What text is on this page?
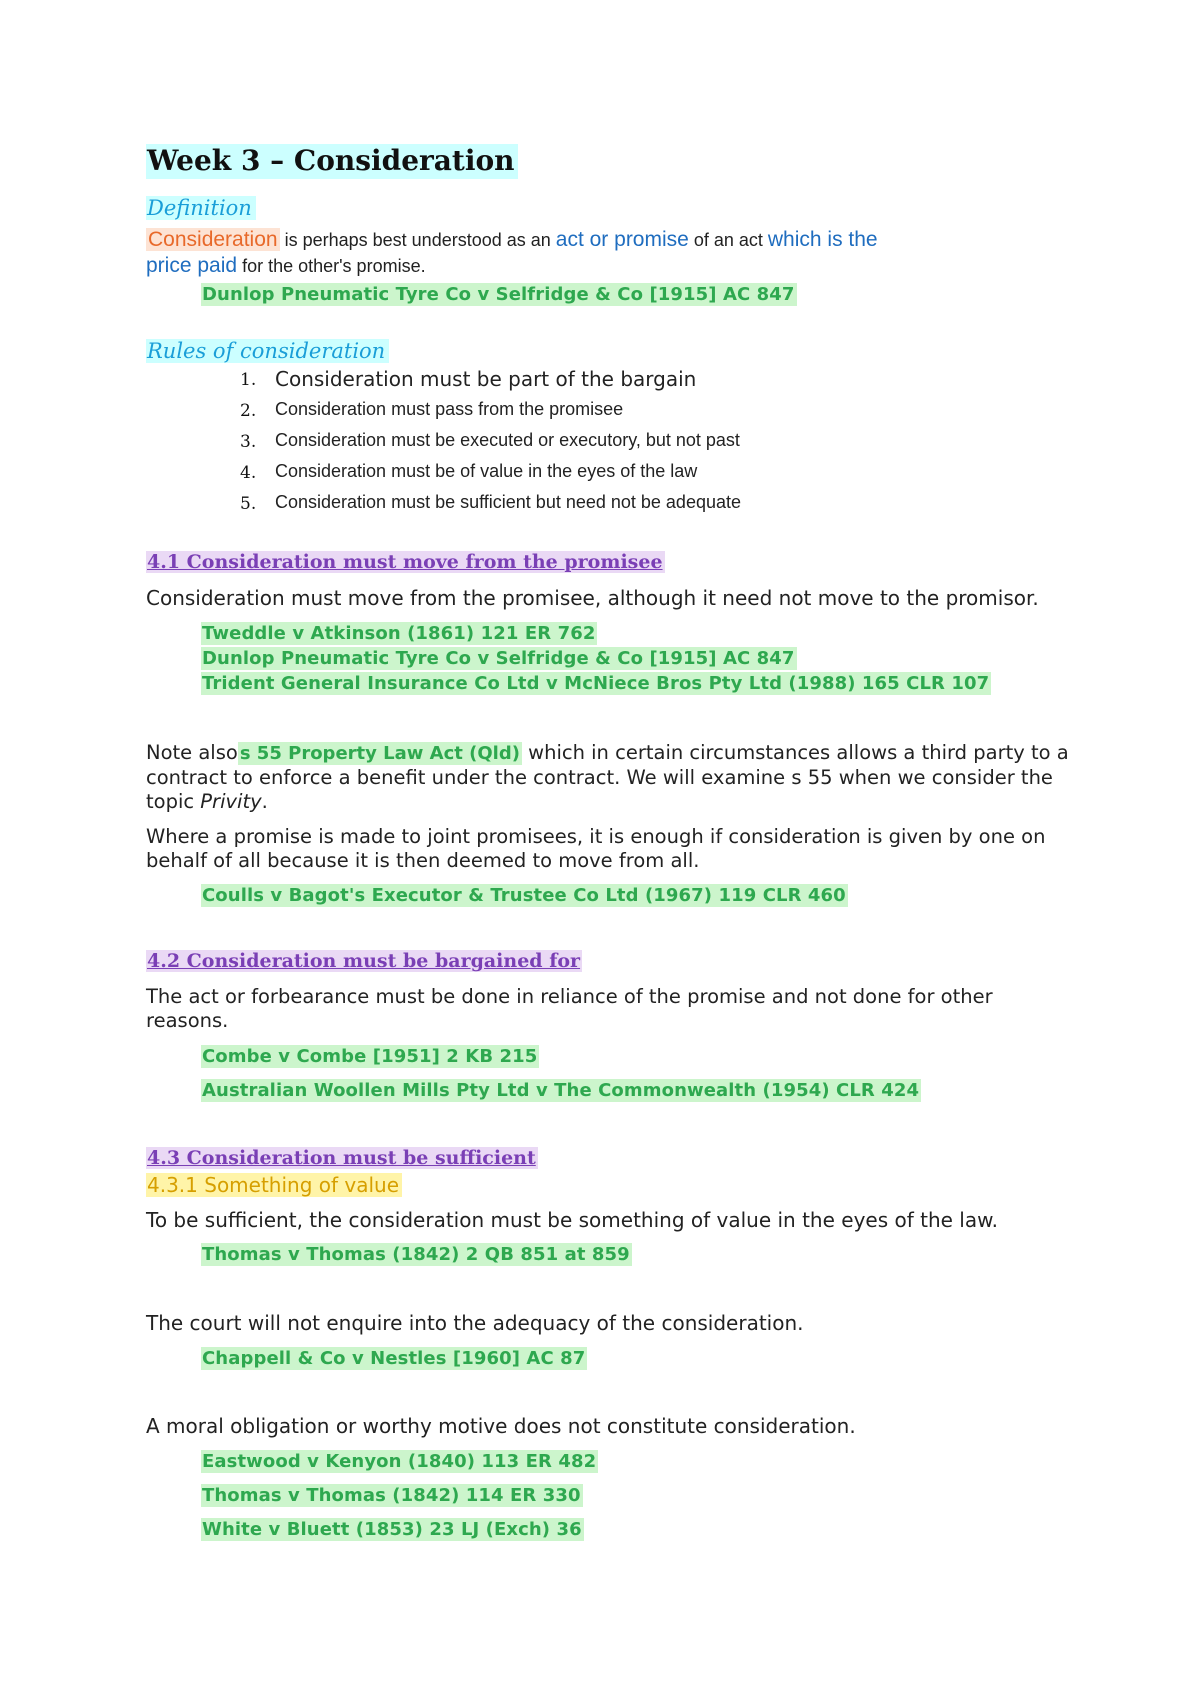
Week 3 – Consideration
Definition
Consideration is perhaps best understood as an act or promise of an act which is the
price paid for the other's promise.
Dunlop Pneumatic Tyre Co v Selfridge & Co [1915] AC 847
Rules of consideration
1. Consideration must be part of the bargain
2. Consideration must pass from the promisee
3. Consideration must be executed or executory, but not past
4. Consideration must be of value in the eyes of the law
5. Consideration must be sufficient but need not be adequate
4.1 Consideration must move from the promisee
Consideration must move from the promisee, although it need not move to the promisor.
Tweddle v Atkinson (1861) 121 ER 762
Dunlop Pneumatic Tyre Co v Selfridge & Co [1915] AC 847
Trident General Insurance Co Ltd v McNiece Bros Pty Ltd (1988) 165 CLR 107
Note also s 55 Property Law Act (Qld) which in certain circumstances allows a third party to a contract to enforce a benefit under the contract. We will examine s 55 when we consider the topic Privity.
Where a promise is made to joint promisees, it is enough if consideration is given by one on behalf of all because it is then deemed to move from all.
Coulls v Bagot's Executor & Trustee Co Ltd (1967) 119 CLR 460
4.2 Consideration must be bargained for
The act or forbearance must be done in reliance of the promise and not done for other reasons.
Combe v Combe [1951] 2 KB 215
Australian Woollen Mills Pty Ltd v The Commonwealth (1954) CLR 424
4.3 Consideration must be sufficient
4.3.1 Something of value
To be sufficient, the consideration must be something of value in the eyes of the law.
Thomas v Thomas (1842) 2 QB 851 at 859
The court will not enquire into the adequacy of the consideration.
Chappell & Co v Nestles [1960] AC 87
A moral obligation or worthy motive does not constitute consideration.
Eastwood v Kenyon (1840) 113 ER 482
Thomas v Thomas (1842) 114 ER 330
White v Bluett (1853) 23 LJ (Exch) 36
